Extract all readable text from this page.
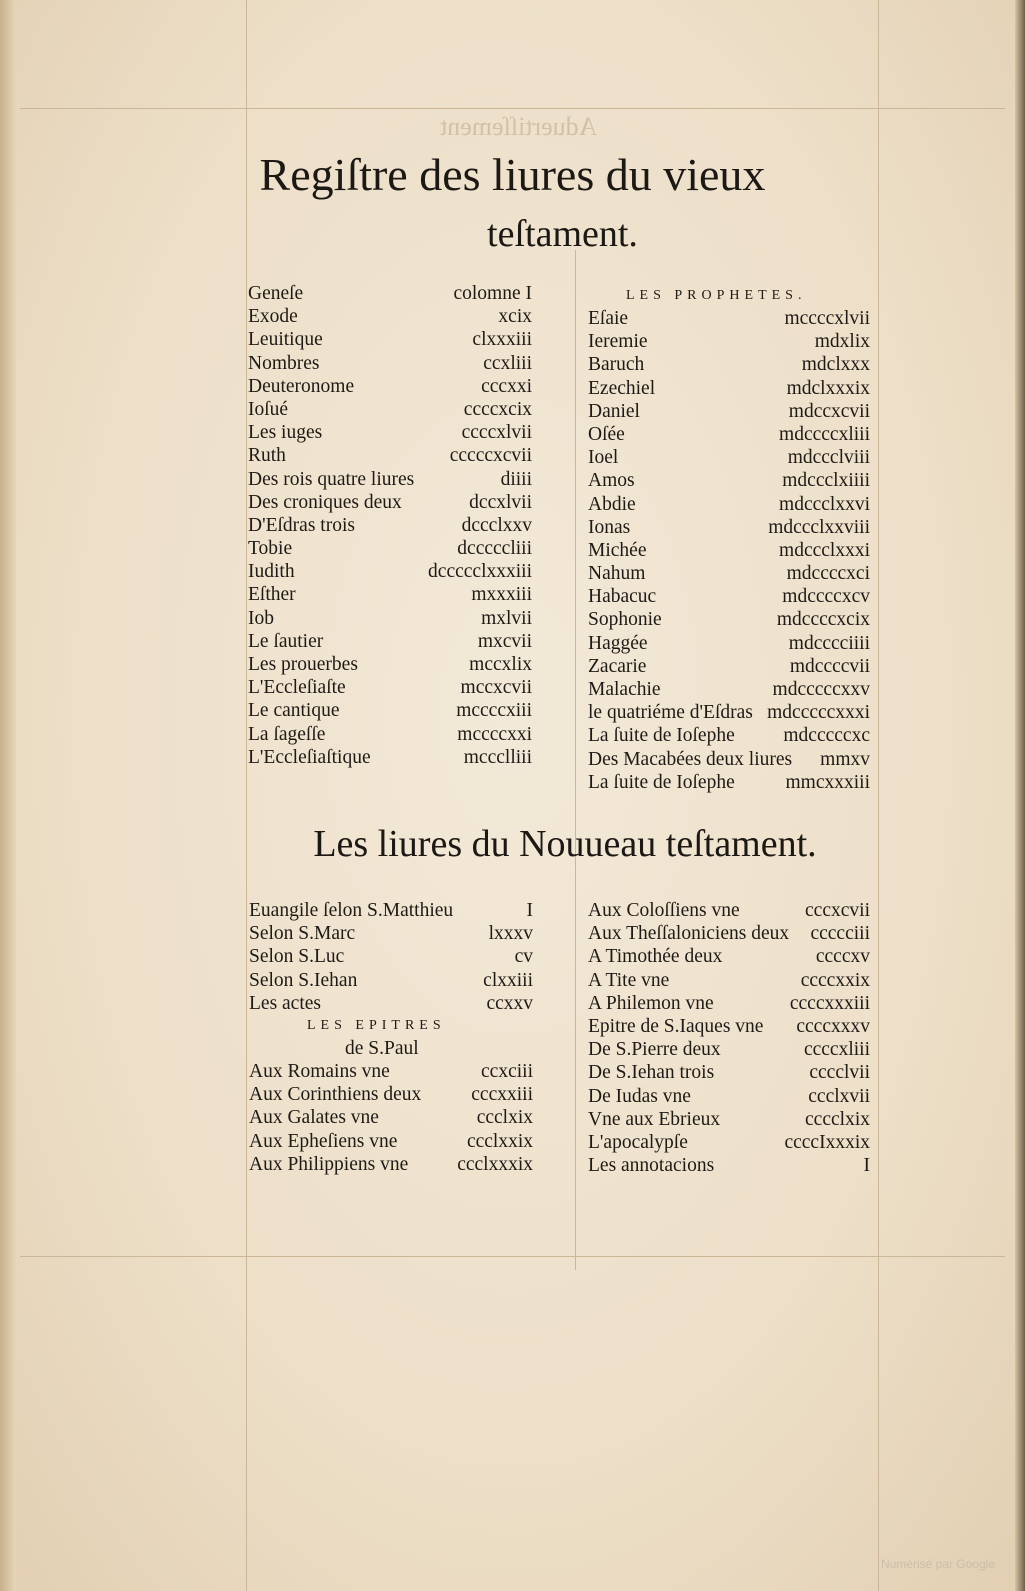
Aduertiſſement
Regiſtre des liures du vieux
teſtament.
Geneſe	colomne I
Exode	xcix
Leuitique	clxxxiii
Nombres	ccxliii
Deuteronome	cccxxi
Ioſué	ccccxcix
Les iuges	ccccxlvii
Ruth	cccccxcvii
Des rois quatre liures	diiii
Des croniques deux	dccxlvii
D'Eſdras trois	dccclxxv
Tobie	dcccccliii
Iudith	dccccclxxxiii
Eſther	mxxxiii
Iob	mxlvii
Le ſautier	mxcvii
Les prouerbes	mccxlix
L'Eccleſiaſte	mccxcvii
Le cantique	mccccxiii
La ſageſſe	mccccxxi
L'Eccleſiaſtique	mccclliii
LES PROPHETES.
Eſaie	mccccxlvii
Ieremie	mdxlix
Baruch	mdclxxx
Ezechiel	mdclxxxix
Daniel	mdccxcvii
Oſée	mdccccxliii
Ioel	mdccclviii
Amos	mdccclxiiii
Abdie	mdccclxxvi
Ionas	mdccclxxviii
Michée	mdccclxxxi
Nahum	mdccccxci
Habacuc	mdccccxcv
Sophonie	mdccccxcix
Haggée	mdcccciiii
Zacarie	mdccccvii
Malachie	mdcccccxxv
le quatriéme d'Eſdras mdcccccxxxi
La ſuite de Ioſephe mdcccccxc
Des Macabées deux liures mmxv
La ſuite de Ioſephe	mmcxxxiii
Les liures du Nouueau teſtament.
Euangile ſelon S.Matthieu	I
Selon S.Marc	lxxxv
Selon S.Luc	cv
Selon S.Iehan	clxxiii
Les actes	ccxxv
LES EPITRES
de S.Paul
Aux Romains vne	ccxciii
Aux Corinthiens deux	cccxxiii
Aux Galates vne	ccclxix
Aux Epheſiens vne	ccclxxix
Aux Philippiens vne	ccclxxxix
Aux Coloſſiens vne	cccxcvii
Aux Theſſaloniciens deux ccccciii
A Timothée deux	ccccxv
A Tite vne	ccccxxix
A Philemon vne	ccccxxxiii
Epitre de S.Iaques vne ccccxxxv
De S.Pierre deux	ccccxliii
De S.Iehan trois	cccclvii
De Iudas vne	ccclxvii
Vne aux Ebrieux	cccclxix
L'apocalypſe	ccccIxxxix
Les annotacions	I
Numérisé par Google
